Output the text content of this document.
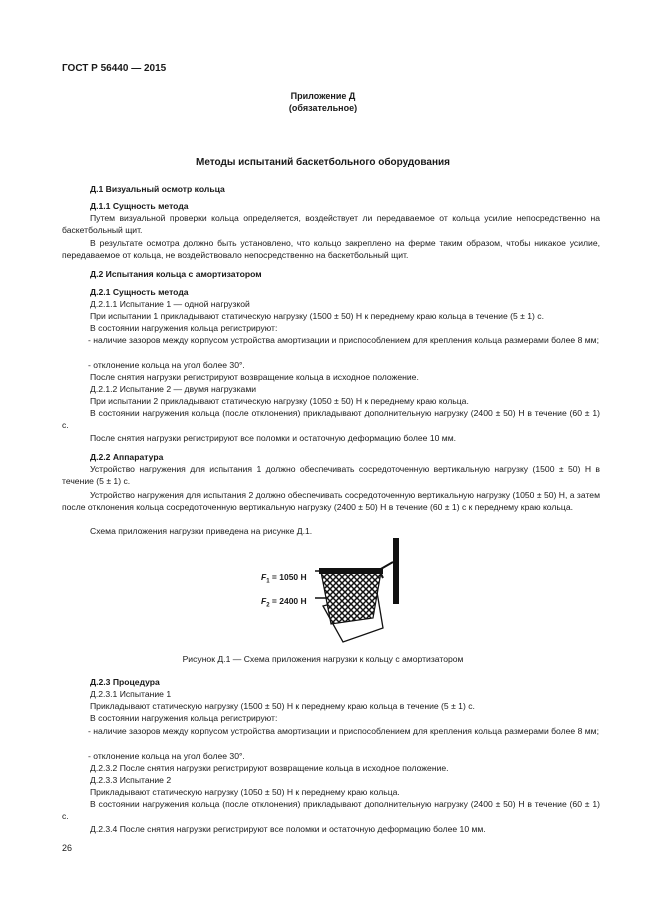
ГОСТ Р 56440 — 2015
Приложение Д
(обязательное)
Методы испытаний баскетбольного оборудования
Д.1 Визуальный осмотр кольца
Д.1.1 Сущность метода
Путем визуальной проверки кольца определяется, воздействует ли передаваемое от кольца усилие непосредственно на баскетбольный щит.
В результате осмотра должно быть установлено, что кольцо закреплено на ферме таким образом, чтобы никакое усилие, передаваемое от кольца, не воздействовало непосредственно на баскетбольный щит.
Д.2 Испытания кольца с амортизатором
Д.2.1 Сущность метода
Д.2.1.1 Испытание 1 — одной нагрузкой
При испытании 1 прикладывают статическую нагрузку (1500 ± 50) Н к переднему краю кольца в течение (5 ± 1) с.
В состоянии нагружения кольца регистрируют:
- наличие зазоров между корпусом устройства амортизации и приспособлением для крепления кольца размерами более 8 мм;
- отклонение кольца на угол более 30°.
После снятия нагрузки регистрируют возвращение кольца в исходное положение.
Д.2.1.2 Испытание 2 — двумя нагрузками
При испытании 2 прикладывают статическую нагрузку (1050 ± 50) Н к переднему краю кольца.
В состоянии нагружения кольца (после отклонения) прикладывают дополнительную нагрузку (2400 ± 50) Н в течение (60 ± 1) с.
После снятия нагрузки регистрируют все поломки и остаточную деформацию более 10 мм.
Д.2.2 Аппаратура
Устройство нагружения для испытания 1 должно обеспечивать сосредоточенную вертикальную нагрузку (1500 ± 50) Н в течение (5 ± 1) с.
Устройство нагружения для испытания 2 должно обеспечивать сосредоточенную вертикальную нагрузку (1050 ± 50) Н, а затем после отклонения кольца сосредоточенную вертикальную нагрузку (2400 ± 50) Н в течение (60 ± 1) с к переднему краю кольца.
Схема приложения нагрузки приведена на рисунке Д.1.
$F_1 = 1050$ Н
$F_2 = 2400$ Н
Рисунок Д.1 — Схема приложения нагрузки к кольцу с амортизатором
Д.2.3 Процедура
Д.2.3.1 Испытание 1
Прикладывают статическую нагрузку (1500 ± 50) Н к переднему краю кольца в течение (5 ± 1) с.
В состоянии нагружения кольца регистрируют:
- наличие зазоров между корпусом устройства амортизации и приспособлением для крепления кольца размерами более 8 мм;
- отклонение кольца на угол более 30°.
Д.2.3.2 После снятия нагрузки регистрируют возвращение кольца в исходное положение.
Д.2.3.3 Испытание 2
Прикладывают статическую нагрузку (1050 ± 50) Н к переднему краю кольца.
В состоянии нагружения кольца (после отклонения) прикладывают дополнительную нагрузку (2400 ± 50) Н в течение (60 ± 1) с.
Д.2.3.4 После снятия нагрузки регистрируют все поломки и остаточную деформацию более 10 мм.
26
